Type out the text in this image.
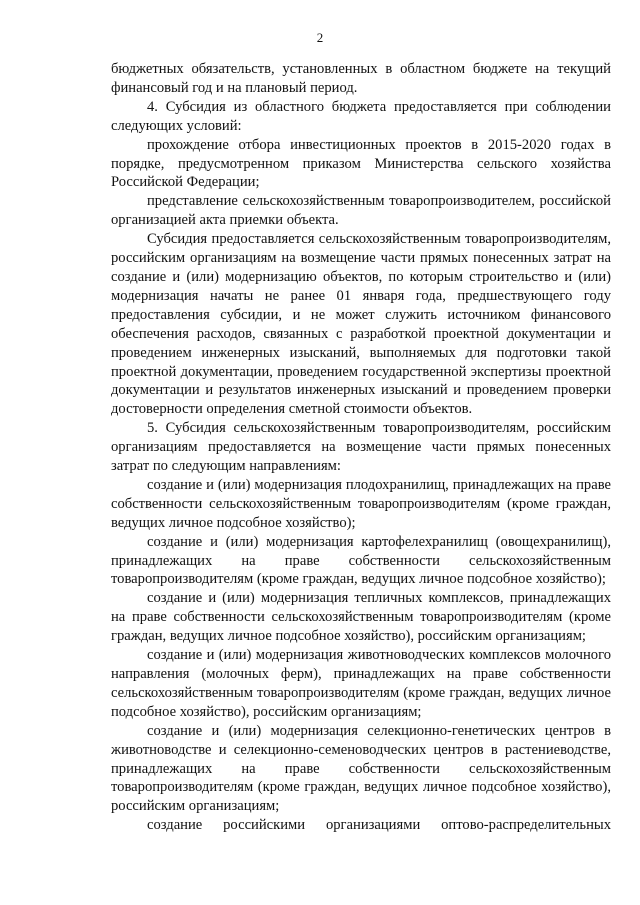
2

бюджетных обязательств, установленных в областном бюджете на текущий финансовый год и на плановый период.

4. Субсидия из областного бюджета предоставляется при соблюдении следующих условий:

прохождение отбора инвестиционных проектов в 2015-2020 годах в порядке, предусмотренном приказом Министерства сельского хозяйства Российской Федерации;

представление сельскохозяйственным товаропроизводителем, российской организацией акта приемки объекта.

Субсидия предоставляется сельскохозяйственным товаропроизводителям, российским организациям на возмещение части прямых понесенных затрат на создание и (или) модернизацию объектов, по которым строительство и (или) модернизация начаты не ранее 01 января года, предшествующего году предоставления субсидии, и не может служить источником финансового обеспечения расходов, связанных с разработкой проектной документации и проведением инженерных изысканий, выполняемых для подготовки такой проектной документации, проведением государственной экспертизы проектной документации и результатов инженерных изысканий и проведением проверки достоверности определения сметной стоимости объектов.

5. Субсидия сельскохозяйственным товаропроизводителям, российским организациям предоставляется на возмещение части прямых понесенных затрат по следующим направлениям:

создание и (или) модернизация плодохранилищ, принадлежащих на праве собственности сельскохозяйственным товаропроизводителям (кроме граждан, ведущих личное подсобное хозяйство);

создание и (или) модернизация картофелехранилищ (овощехранилищ), принадлежащих на праве собственности сельскохозяйственным товаропроизводителям (кроме граждан, ведущих личное подсобное хозяйство);

создание и (или) модернизация тепличных комплексов, принадлежащих на праве собственности сельскохозяйственным товаропроизводителям (кроме граждан, ведущих личное подсобное хозяйство), российским организациям;

создание и (или) модернизация животноводческих комплексов молочного направления (молочных ферм), принадлежащих на праве собственности сельскохозяйственным товаропроизводителям (кроме граждан, ведущих личное подсобное хозяйство), российским организациям;

создание и (или) модернизация селекционно-генетических центров в животноводстве и селекционно-семеноводческих центров в растениеводстве, принадлежащих на праве собственности сельскохозяйственным товаропроизводителям (кроме граждан, ведущих личное подсобное хозяйство), российским организациям;

создание российскими организациями оптово-распределительных
